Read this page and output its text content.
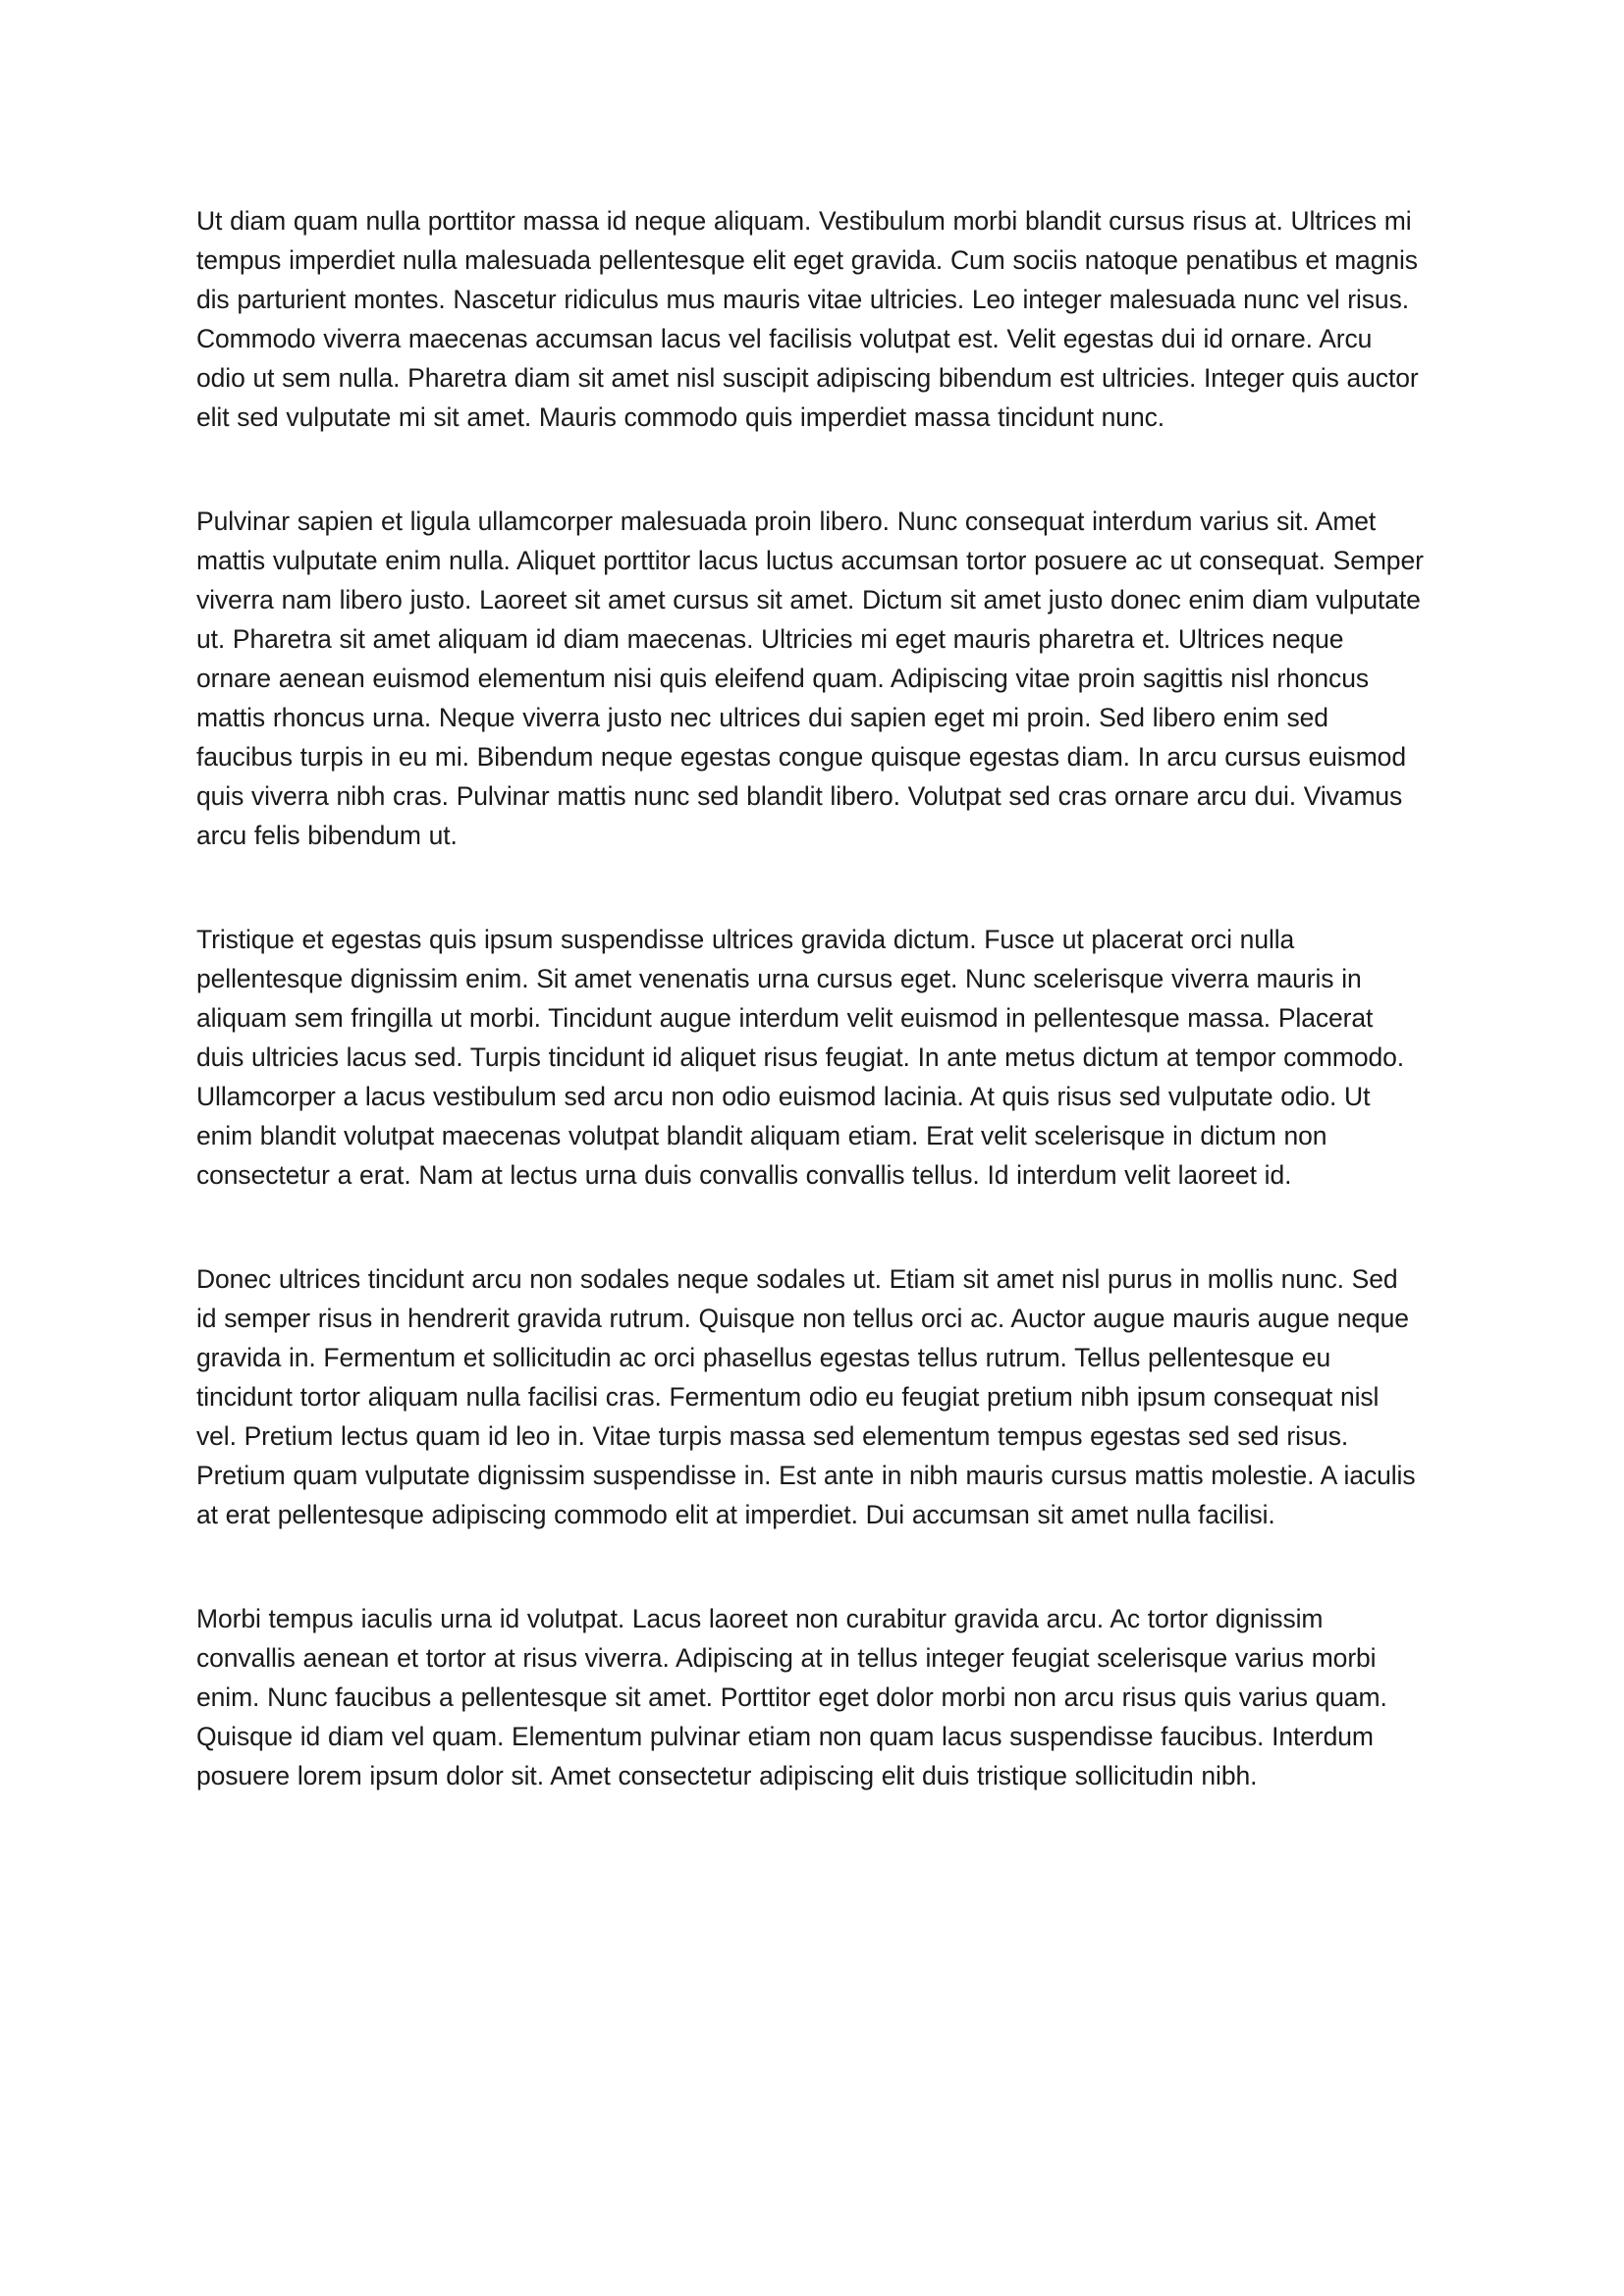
Ut diam quam nulla porttitor massa id neque aliquam. Vestibulum morbi blandit cursus risus at. Ultrices mi tempus imperdiet nulla malesuada pellentesque elit eget gravida. Cum sociis natoque penatibus et magnis dis parturient montes. Nascetur ridiculus mus mauris vitae ultricies. Leo integer malesuada nunc vel risus. Commodo viverra maecenas accumsan lacus vel facilisis volutpat est. Velit egestas dui id ornare. Arcu odio ut sem nulla. Pharetra diam sit amet nisl suscipit adipiscing bibendum est ultricies. Integer quis auctor elit sed vulputate mi sit amet. Mauris commodo quis imperdiet massa tincidunt nunc.

Pulvinar sapien et ligula ullamcorper malesuada proin libero. Nunc consequat interdum varius sit. Amet mattis vulputate enim nulla. Aliquet porttitor lacus luctus accumsan tortor posuere ac ut consequat. Semper viverra nam libero justo. Laoreet sit amet cursus sit amet. Dictum sit amet justo donec enim diam vulputate ut. Pharetra sit amet aliquam id diam maecenas. Ultricies mi eget mauris pharetra et. Ultrices neque ornare aenean euismod elementum nisi quis eleifend quam. Adipiscing vitae proin sagittis nisl rhoncus mattis rhoncus urna. Neque viverra justo nec ultrices dui sapien eget mi proin. Sed libero enim sed faucibus turpis in eu mi. Bibendum neque egestas congue quisque egestas diam. In arcu cursus euismod quis viverra nibh cras. Pulvinar mattis nunc sed blandit libero. Volutpat sed cras ornare arcu dui. Vivamus arcu felis bibendum ut.

Tristique et egestas quis ipsum suspendisse ultrices gravida dictum. Fusce ut placerat orci nulla pellentesque dignissim enim. Sit amet venenatis urna cursus eget. Nunc scelerisque viverra mauris in aliquam sem fringilla ut morbi. Tincidunt augue interdum velit euismod in pellentesque massa. Placerat duis ultricies lacus sed. Turpis tincidunt id aliquet risus feugiat. In ante metus dictum at tempor commodo. Ullamcorper a lacus vestibulum sed arcu non odio euismod lacinia. At quis risus sed vulputate odio. Ut enim blandit volutpat maecenas volutpat blandit aliquam etiam. Erat velit scelerisque in dictum non consectetur a erat. Nam at lectus urna duis convallis convallis tellus. Id interdum velit laoreet id.

Donec ultrices tincidunt arcu non sodales neque sodales ut. Etiam sit amet nisl purus in mollis nunc. Sed id semper risus in hendrerit gravida rutrum. Quisque non tellus orci ac. Auctor augue mauris augue neque gravida in. Fermentum et sollicitudin ac orci phasellus egestas tellus rutrum. Tellus pellentesque eu tincidunt tortor aliquam nulla facilisi cras. Fermentum odio eu feugiat pretium nibh ipsum consequat nisl vel. Pretium lectus quam id leo in. Vitae turpis massa sed elementum tempus egestas sed sed risus. Pretium quam vulputate dignissim suspendisse in. Est ante in nibh mauris cursus mattis molestie. A iaculis at erat pellentesque adipiscing commodo elit at imperdiet. Dui accumsan sit amet nulla facilisi.

Morbi tempus iaculis urna id volutpat. Lacus laoreet non curabitur gravida arcu. Ac tortor dignissim convallis aenean et tortor at risus viverra. Adipiscing at in tellus integer feugiat scelerisque varius morbi enim. Nunc faucibus a pellentesque sit amet. Porttitor eget dolor morbi non arcu risus quis varius quam. Quisque id diam vel quam. Elementum pulvinar etiam non quam lacus suspendisse faucibus. Interdum posuere lorem ipsum dolor sit. Amet consectetur adipiscing elit duis tristique sollicitudin nibh.
